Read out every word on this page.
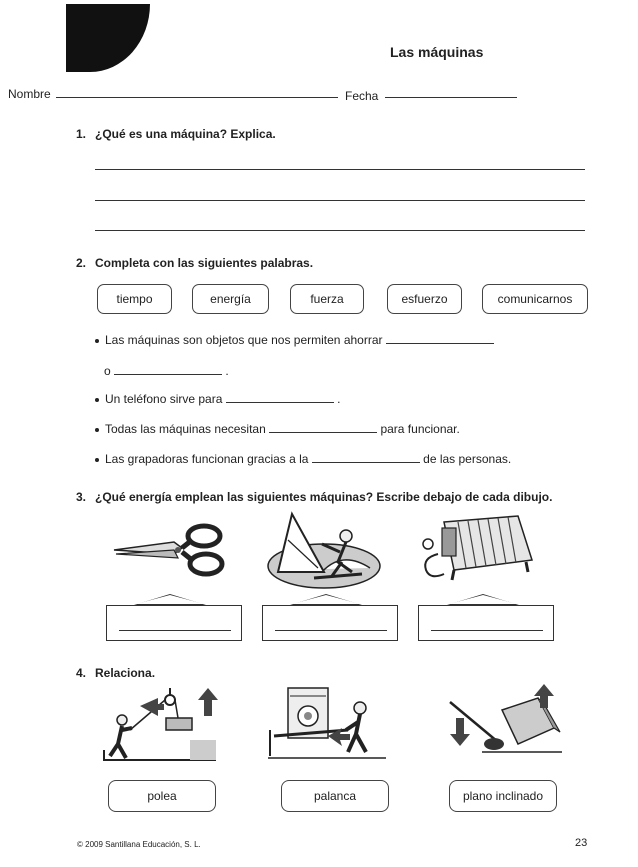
Las máquinas
Nombre	Fecha
1. ¿Qué es una máquina? Explica.
2. Completa con las siguientes palabras.
tiempo	energía	fuerza	esfuerzo	comunicarnos
Las máquinas son objetos que nos permiten ahorrar
o	.
Un teléfono sirve para	.
Todas las máquinas necesitan	para funcionar.
Las grapadoras funcionan gracias a la	de las personas.
3. ¿Qué energía emplean las siguientes máquinas? Escribe debajo de cada dibujo.
4. Relaciona.
polea	palanca	plano inclinado
© 2009 Santillana Educación, S. L.	23
